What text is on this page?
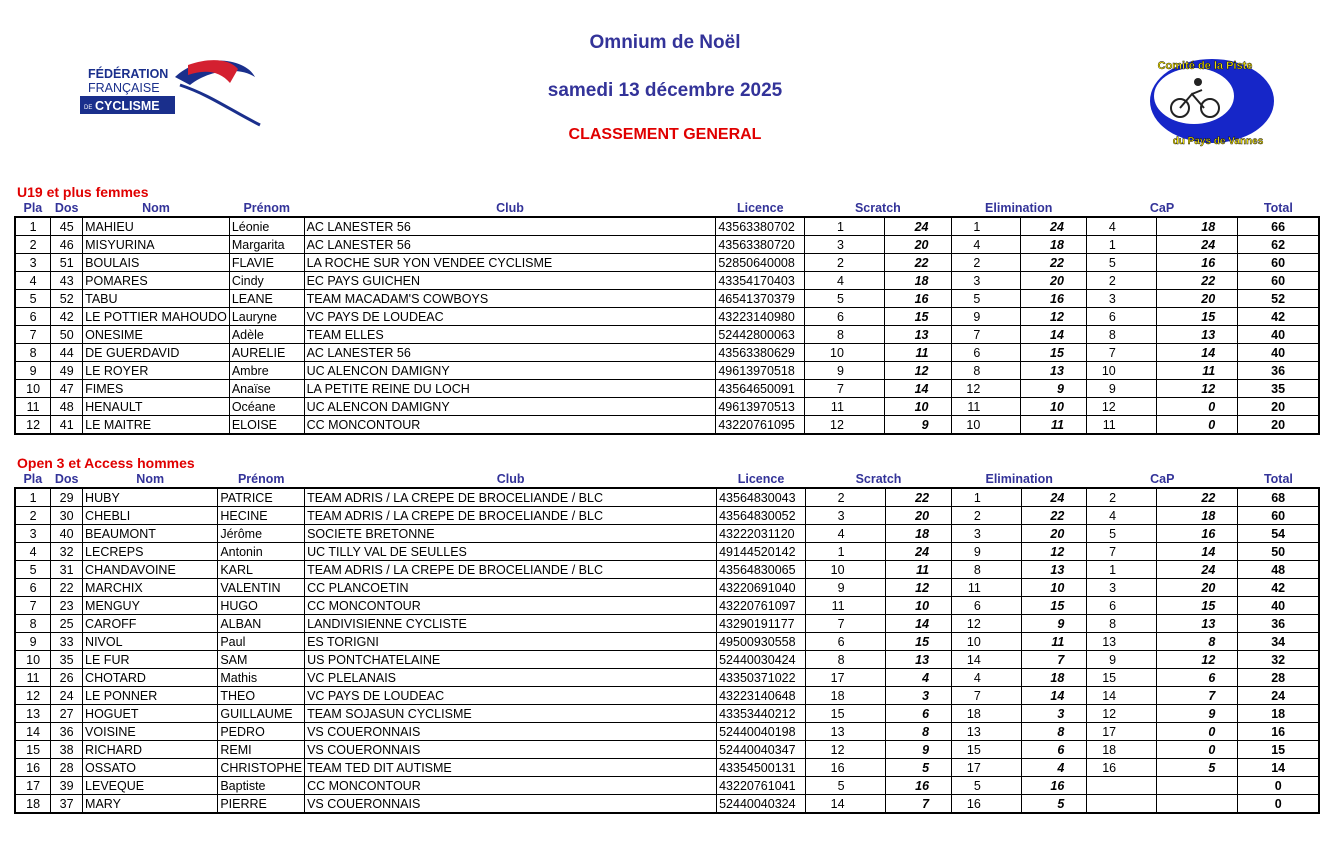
Omnium de Noël
samedi 13 décembre 2025
CLASSEMENT GENERAL
FÉDÉRATION
FRANÇAISE
DE CYCLISME
Comité de la Piste
du Pays de Vannes
U19 et plus femmes
Pla	Dos	Nom	Prénom	Club	Licence	Scratch		Elimination		CaP		Total
1	45	MAHIEU	Léonie	AC LANESTER 56	43563380702	1	24	1	24	4	18	66
2	46	MISYURINA	Margarita	AC LANESTER 56	43563380720	3	20	4	18	1	24	62
3	51	BOULAIS	FLAVIE	LA ROCHE SUR YON VENDEE CYCLISME	52850640008	2	22	2	22	5	16	60
4	43	POMARES	Cindy	EC PAYS GUICHEN	43354170403	4	18	3	20	2	22	60
5	52	TABU	LEANE	TEAM MACADAM'S COWBOYS	46541370379	5	16	5	16	3	20	52
6	42	LE POTTIER MAHOUDO	Lauryne	VC PAYS DE LOUDEAC	43223140980	6	15	9	12	6	15	42
7	50	ONESIME	Adèle	TEAM ELLES	52442800063	8	13	7	14	8	13	40
8	44	DE GUERDAVID	AURELIE	AC LANESTER 56	43563380629	10	11	6	15	7	14	40
9	49	LE ROYER	Ambre	UC ALENCON DAMIGNY	49613970518	9	12	8	13	10	11	36
10	47	FIMES	Anaïse	LA PETITE REINE DU LOCH	43564650091	7	14	12	9	9	12	35
11	48	HENAULT	Océane	UC ALENCON DAMIGNY	49613970513	11	10	11	10	12	0	20
12	41	LE MAITRE	ELOISE	CC MONCONTOUR	43220761095	12	9	10	11	11	0	20
Open 3 et Access hommes
Pla	Dos	Nom	Prénom	Club	Licence	Scratch		Elimination		CaP		Total
1	29	HUBY	PATRICE	TEAM ADRIS / LA CREPE DE BROCELIANDE / BLC	43564830043	2	22	1	24	2	22	68
2	30	CHEBLI	HECINE	TEAM ADRIS / LA CREPE DE BROCELIANDE / BLC	43564830052	3	20	2	22	4	18	60
3	40	BEAUMONT	Jérôme	SOCIETE BRETONNE	43222031120	4	18	3	20	5	16	54
4	32	LECREPS	Antonin	UC TILLY VAL DE SEULLES	49144520142	1	24	9	12	7	14	50
5	31	CHANDAVOINE	KARL	TEAM ADRIS / LA CREPE DE BROCELIANDE / BLC	43564830065	10	11	8	13	1	24	48
6	22	MARCHIX	VALENTIN	CC PLANCOETIN	43220691040	9	12	11	10	3	20	42
7	23	MENGUY	HUGO	CC MONCONTOUR	43220761097	11	10	6	15	6	15	40
8	25	CAROFF	ALBAN	LANDIVISIENNE CYCLISTE	43290191177	7	14	12	9	8	13	36
9	33	NIVOL	Paul	ES TORIGNI	49500930558	6	15	10	11	13	8	34
10	35	LE FUR	SAM	US PONTCHATELAINE	52440030424	8	13	14	7	9	12	32
11	26	CHOTARD	Mathis	VC PLELANAIS	43350371022	17	4	4	18	15	6	28
12	24	LE PONNER	THEO	VC PAYS DE LOUDEAC	43223140648	18	3	7	14	14	7	24
13	27	HOGUET	GUILLAUME	TEAM SOJASUN CYCLISME	43353440212	15	6	18	3	12	9	18
14	36	VOISINE	PEDRO	VS COUERONNAIS	52440040198	13	8	13	8	17	0	16
15	38	RICHARD	REMI	VS COUERONNAIS	52440040347	12	9	15	6	18	0	15
16	28	OSSATO	CHRISTOPHE	TEAM TED DIT AUTISME	43354500131	16	5	17	4	16	5	14
17	39	LEVEQUE	Baptiste	CC MONCONTOUR	43220761041	5	16	5	16			0
18	37	MARY	PIERRE	VS COUERONNAIS	52440040324	14	7	16	5			0
